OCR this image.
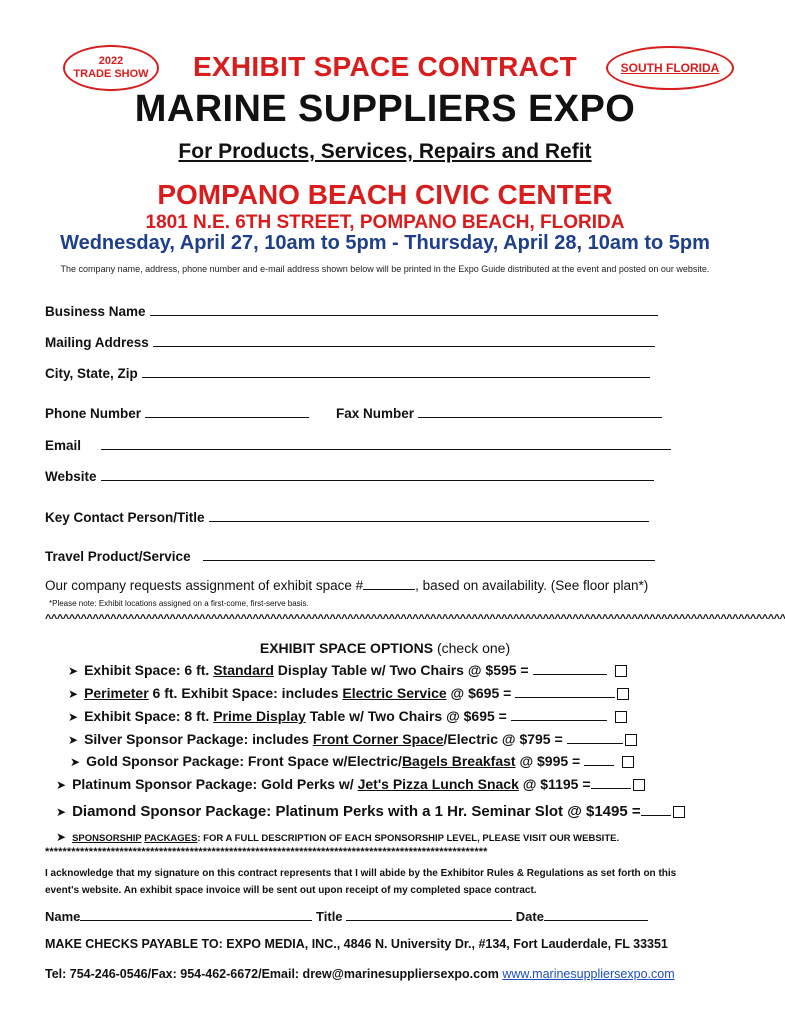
2022
TRADE SHOW	SOUTH FLORIDA
EXHIBIT SPACE CONTRACT
MARINE SUPPLIERS EXPO
For Products, Services, Repairs and Refit
POMPANO BEACH CIVIC CENTER
1801 N.E. 6TH STREET, POMPANO BEACH, FLORIDA
Wednesday, April 27, 10am to 5pm - Thursday, April 28, 10am to 5pm
The company name, address, phone number and e-mail address shown below will be printed in the Expo Guide distributed at the event and posted on our website.
Business Name
Mailing Address
City, State, Zip
Phone Number	Fax Number
Email
Website
Key Contact Person/Title
Travel Product/Service
Our company requests assignment of exhibit space #	, based on availability. (See floor plan*)
*Please note: Exhibit locations assigned on a first-come, first-serve basis.
^^^^^^^^^^^^^^^^^^^^^^^^^^^^^^^^^^^^^^^^^^^^^^^^^^^^^^^^^^^^^^^^^^^^^^^^^^^^^^^^^^^^^^^^^^^^^^^^^^^^^^^^^^^^^^^^^^^^^^^^^^^^^
EXHIBIT SPACE OPTIONS (check one)
➤ Exhibit Space: 6 ft. Standard Display Table w/ Two Chairs @ $595 =
➤ Perimeter 6 ft. Exhibit Space: includes Electric Service @ $695 =
➤ Exhibit Space: 8 ft. Prime Display Table w/ Two Chairs @ $695 =
➤ Silver Sponsor Package: includes Front Corner Space/Electric @ $795 =
➤ Gold Sponsor Package: Front Space w/Electric/Bagels Breakfast @ $995 =
➤ Platinum Sponsor Package: Gold Perks w/ Jet's Pizza Lunch Snack @ $1195 =
➤ Diamond Sponsor Package: Platinum Perks with a 1 Hr. Seminar Slot @ $1495 =
➤ SPONSORSHIP PACKAGES: FOR A FULL DESCRIPTION OF EACH SPONSORSHIP LEVEL, PLEASE VISIT OUR WEBSITE.
*****************************************************************************************************
I acknowledge that my signature on this contract represents that I will abide by the Exhibitor Rules & Regulations as set forth on this event's website. An exhibit space invoice will be sent out upon receipt of my completed space contract.
Name	Title	Date
MAKE CHECKS PAYABLE TO: EXPO MEDIA, INC., 4846 N. University Dr., #134, Fort Lauderdale, FL 33351
Tel: 754-246-0546/Fax: 954-462-6672/Email: drew@marinesuppliersexpo.com www.marinesuppliersexpo.com
